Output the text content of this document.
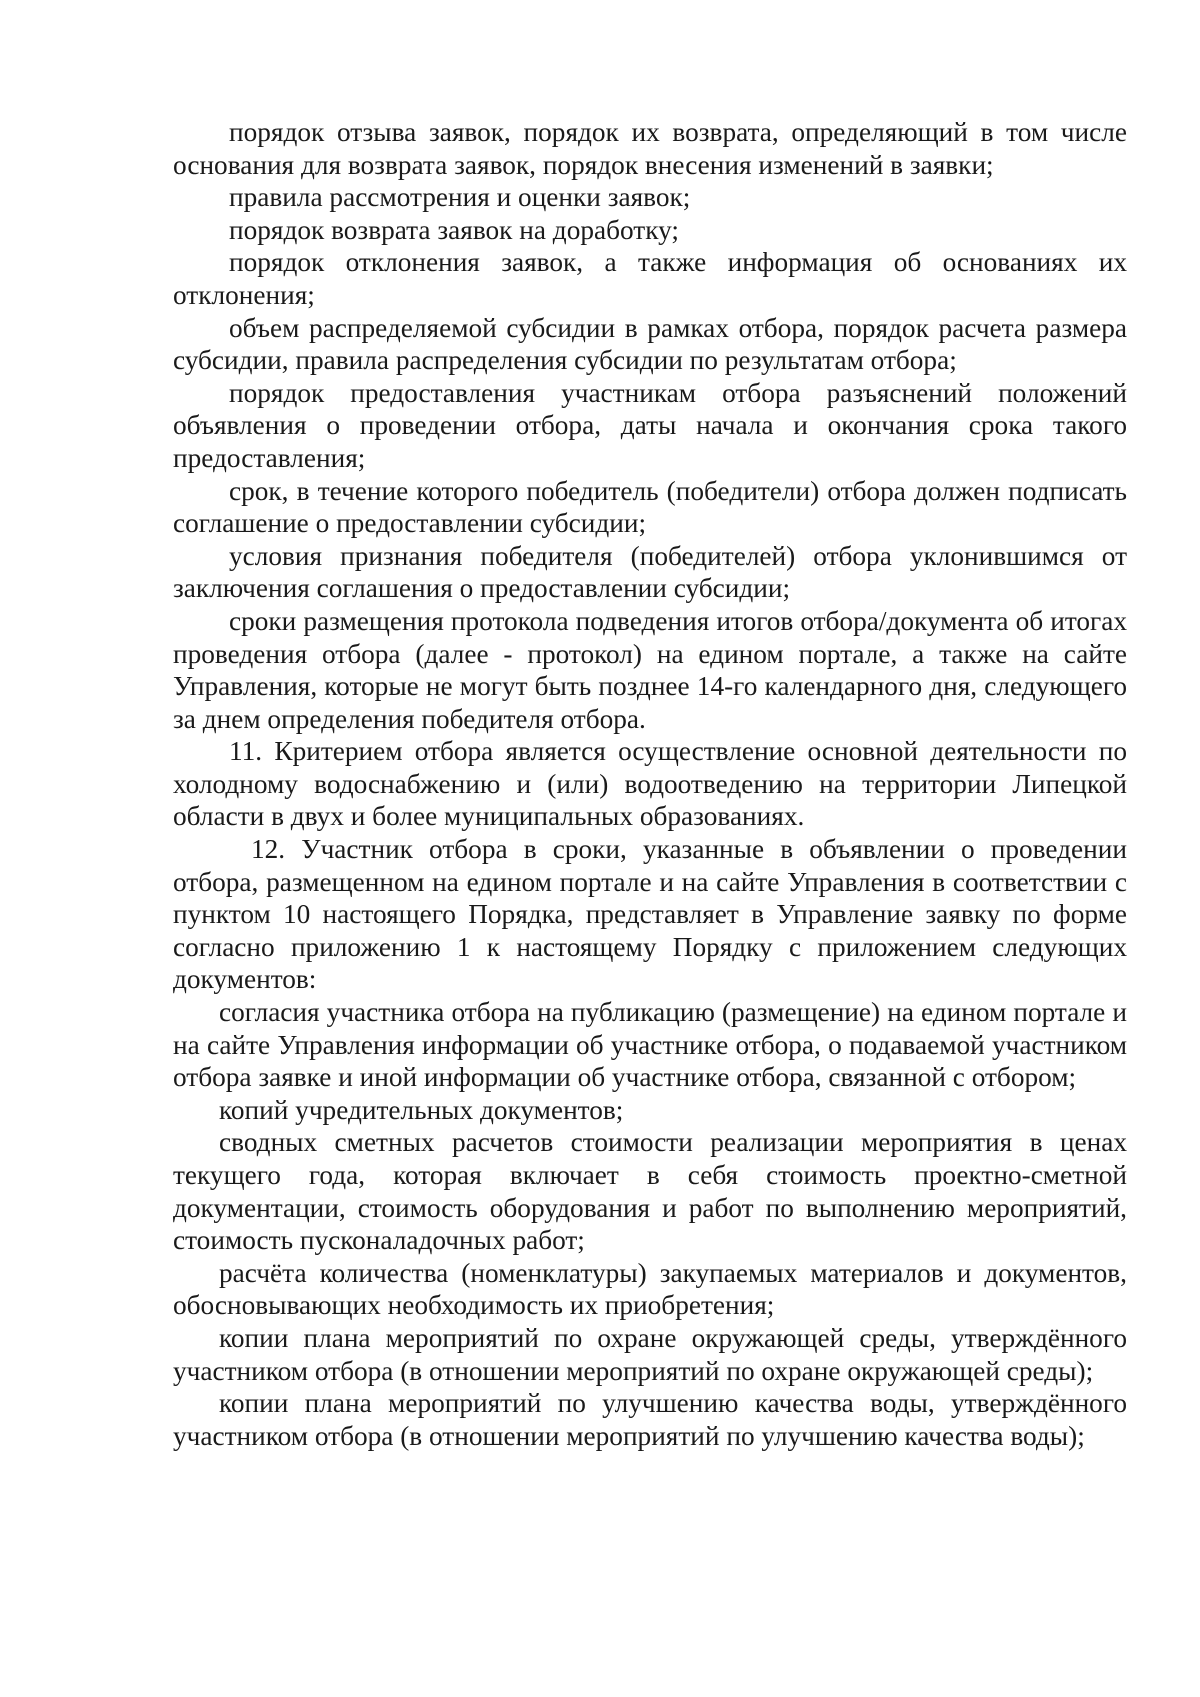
порядок отзыва заявок, порядок их возврата, определяющий в том числе основания для возврата заявок, порядок внесения изменений в заявки;

правила рассмотрения и оценки заявок;

порядок возврата заявок на доработку;

порядок отклонения заявок, а также информация об основаниях их отклонения;

объем распределяемой субсидии в рамках отбора, порядок расчета размера субсидии, правила распределения субсидии по результатам отбора;

порядок предоставления участникам отбора разъяснений положений объявления о проведении отбора, даты начала и окончания срока такого предоставления;

срок, в течение которого победитель (победители) отбора должен подписать соглашение о предоставлении субсидии;

условия признания победителя (победителей) отбора уклонившимся от заключения соглашения о предоставлении субсидии;

сроки размещения протокола подведения итогов отбора/документа об итогах проведения отбора (далее - протокол) на едином портале, а также на сайте Управления, которые не могут быть позднее 14-го календарного дня, следующего за днем определения победителя отбора.

11. Критерием отбора является осуществление основной деятельности по холодному водоснабжению и (или) водоотведению на территории Липецкой области в двух и более муниципальных образованиях.

12. Участник отбора в сроки, указанные в объявлении о проведении отбора, размещенном на едином портале и на сайте Управления в соответствии с пунктом 10 настоящего Порядка, представляет в Управление заявку по форме согласно приложению 1 к настоящему Порядку с приложением следующих документов:

согласия участника отбора на публикацию (размещение) на едином портале и на сайте Управления информации об участнике отбора, о подаваемой участником отбора заявке и иной информации об участнике отбора, связанной с отбором;

копий учредительных документов;

сводных сметных расчетов стоимости реализации мероприятия в ценах текущего года, которая включает в себя стоимость проектно-сметной документации, стоимость оборудования и работ по выполнению мероприятий, стоимость пусконаладочных работ;

расчёта количества (номенклатуры) закупаемых материалов и документов, обосновывающих необходимость их приобретения;

копии плана мероприятий по охране окружающей среды, утверждённого участником отбора (в отношении мероприятий по охране окружающей среды);

копии плана мероприятий по улучшению качества воды, утверждённого участником отбора (в отношении мероприятий по улучшению качества воды);
